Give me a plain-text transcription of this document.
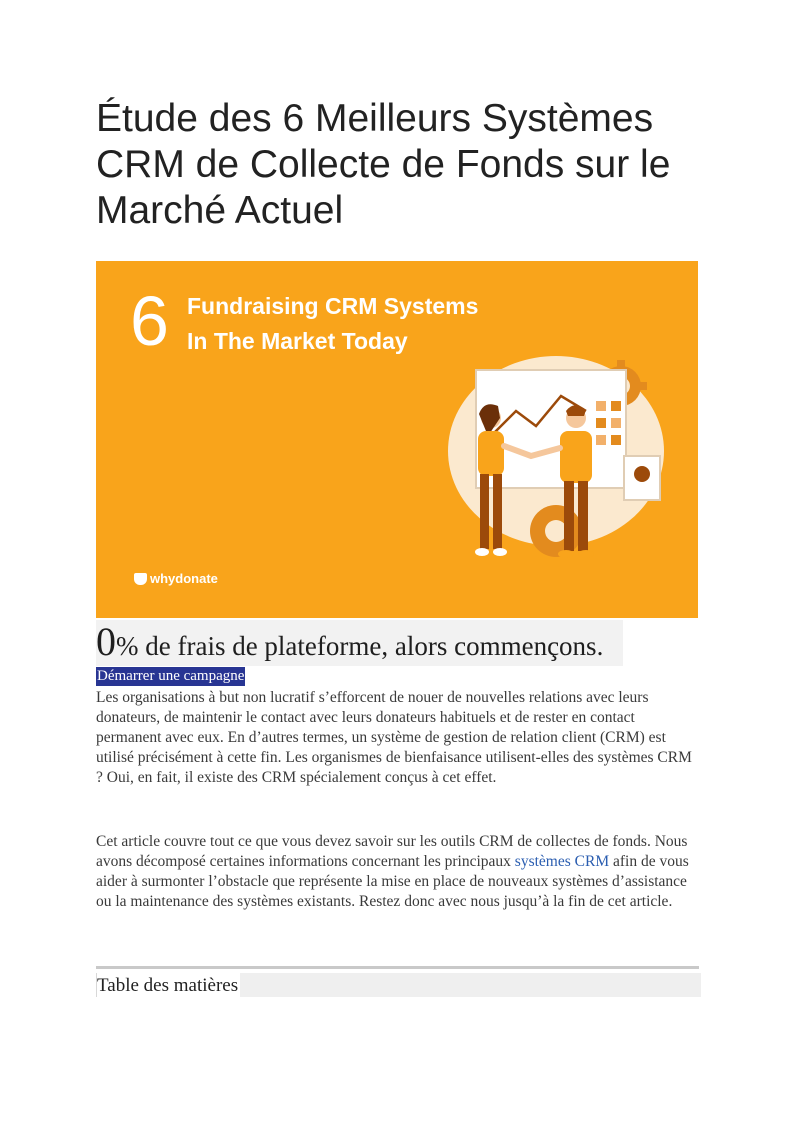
Étude des 6 Meilleurs Systèmes CRM de Collecte de Fonds sur le Marché Actuel
6 Fundraising CRM Systems
In The Market Today
whydonate
0 % de frais de plateforme, alors commençons.
Démarrer une campagne

Les organisations à but non lucratif s’efforcent de nouer de nouvelles relations avec leurs donateurs, de maintenir le contact avec leurs donateurs habituels et de rester en contact permanent avec eux. En d’autres termes, un système de gestion de relation client (CRM) est utilisé précisément à cette fin. Les organismes de bienfaisance utilisent-elles des systèmes CRM ? Oui, en fait, il existe des CRM spécialement conçus à cet effet.

Cet article couvre tout ce que vous devez savoir sur les outils CRM de collectes de fonds. Nous avons décomposé certaines informations concernant les principaux systèmes CRM afin de vous aider à surmonter l’obstacle que représente la mise en place de nouveaux systèmes d’assistance ou la maintenance des systèmes existants. Restez donc avec nous jusqu’à la fin de cet article.

Table des matières
